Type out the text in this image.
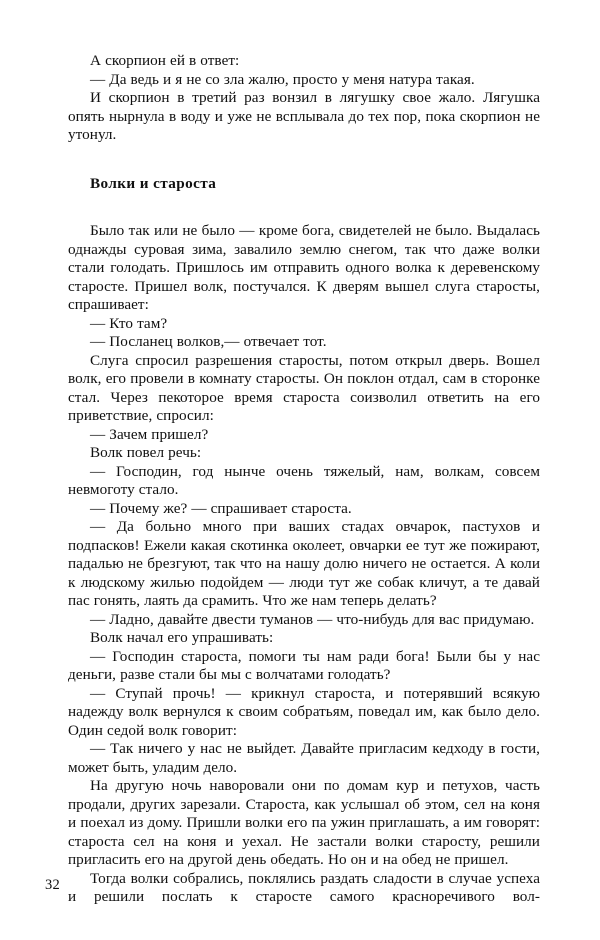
А скорпион ей в ответ:

— Да ведь и я не со зла жалю, просто у меня натура такая.

И скорпион в третий раз вонзил в лягушку свое жало. Лягушка опять нырнула в воду и уже не всплывала до тех пор, пока скорпион не утонул.

Волки и староста

Было так или не было — кроме бога, свидетелей не было. Выдалась однажды суровая зима, завалило землю снегом, так что даже волки стали голодать. Пришлось им отправить одного волка к деревенскому старосте. Пришел волк, постучался. К дверям вышел слуга старосты, спрашивает:

— Кто там?

— Посланец волков,— отвечает тот.

Слуга спросил разрешения старосты, потом открыл дверь. Вошел волк, его провели в комнату старосты. Он поклон отдал, сам в сторонке стал. Через пекоторое время староста соизволил ответить на его приветствие, спросил:

— Зачем пришел?

Волк повел речь:

— Господин, год нынче очень тяжелый, нам, волкам, совсем невмоготу стало.

— Почему же? — спрашивает староста.

— Да больно много при ваших стадах овчарок, пастухов и подпасков! Ежели какая скотинка околеет, овчарки ее тут же пожирают, падалью не брезгуют, так что на нашу долю ничего не остается. А коли к людскому жилью подойдем — люди тут же собак кличут, а те давай пас гонять, лаять да срамить. Что же нам теперь делать?

— Ладно, давайте двести туманов — что-нибудь для вас придумаю.

Волк начал его упрашивать:

— Господин староста, помоги ты нам ради бога! Были бы у нас деньги, разве стали бы мы с волчатами голодать?

— Ступай прочь! — крикнул староста, и потерявший всякую надежду волк вернулся к своим собратьям, поведал им, как было дело. Один седой волк говорит:

— Так ничего у нас не выйдет. Давайте пригласим кедходу в гости, может быть, уладим дело.

На другую ночь наворовали они по домам кур и петухов, часть продали, других зарезали. Староста, как услышал об этом, сел на коня и поехал из дому. Пришли волки его па ужин приглашать, а им говорят: староста сел на коня и уехал. Не застали волки старосту, решили пригласить его на другой день обедать. Но он и на обед не пришел.

Тогда волки собрались, поклялись раздать сладости в случае успеха и решили послать к старосте самого красноречивого вол-

32
